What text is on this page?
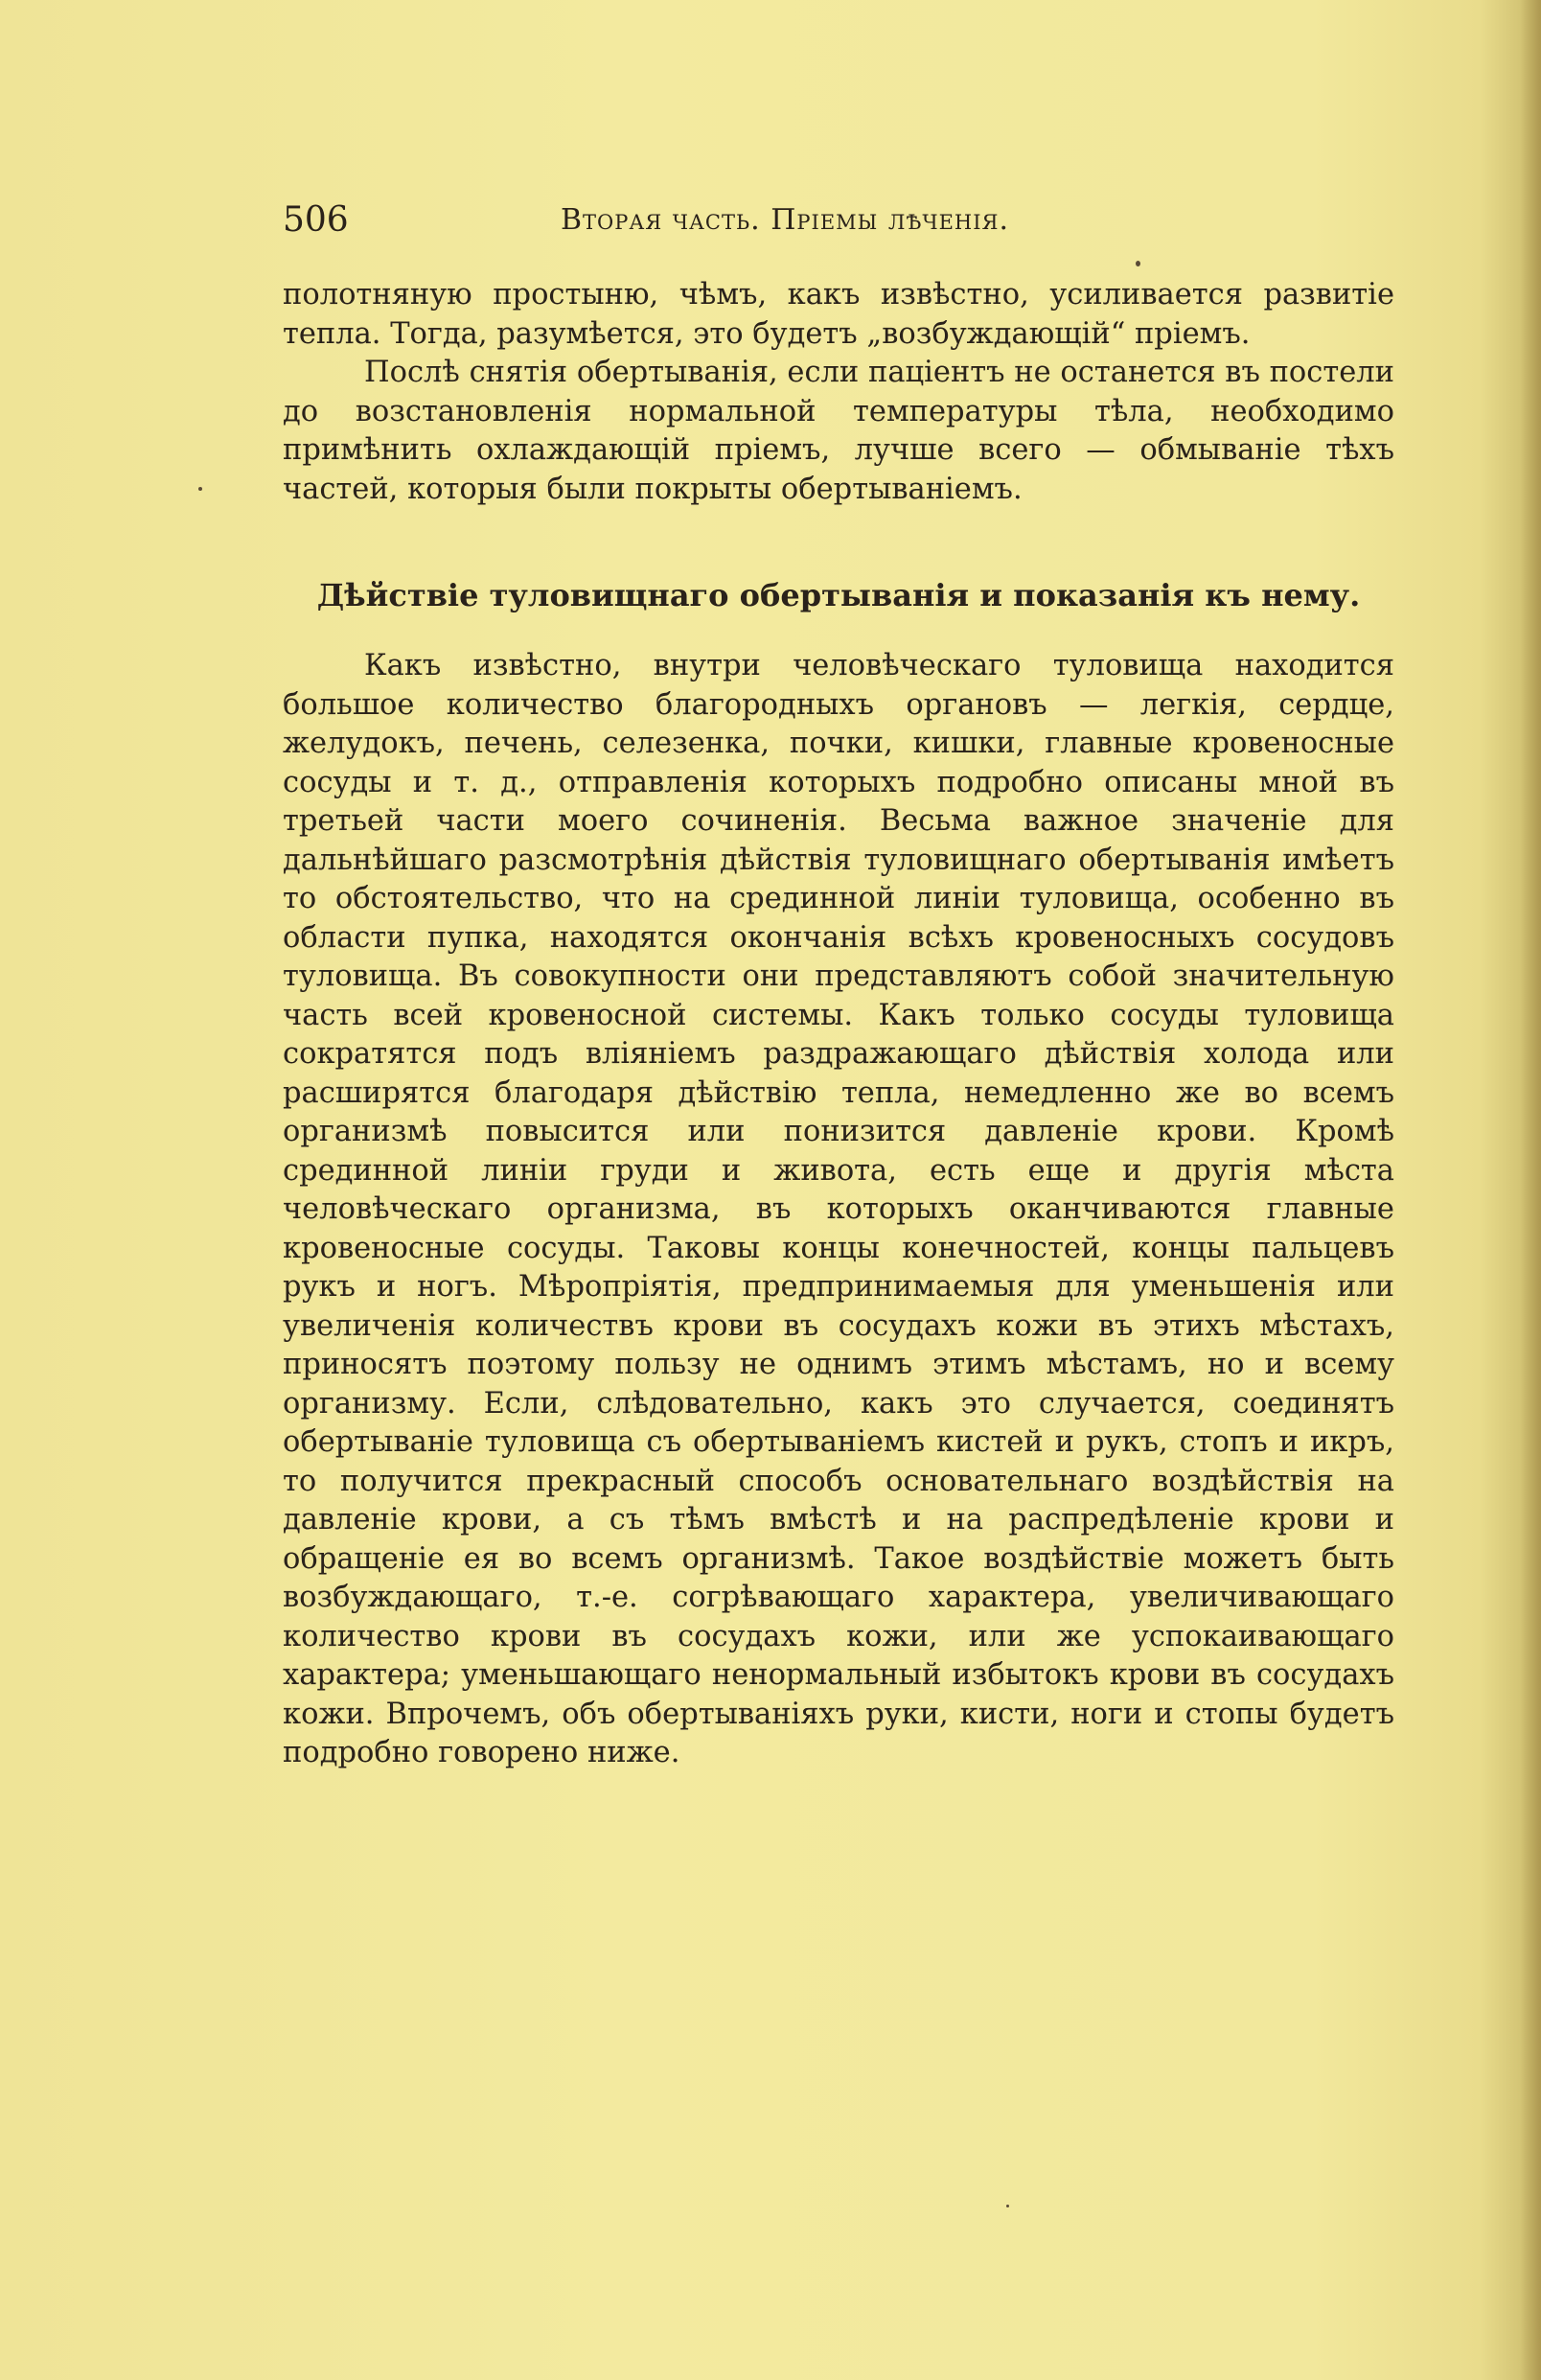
506	Вторая часть. Пріемы лѣченія.

полотняную простыню, чѣмъ, какъ извѣстно, усиливается развитіе тепла. Тогда, разумѣется, это будетъ „возбуждающій“ пріемъ.

Послѣ снятія обертыванія, если паціентъ не останется въ постели до возстановленія нормальной температуры тѣла, необходимо примѣнить охлаждающій пріемъ, лучше всего — обмываніе тѣхъ частей, которыя были покрыты обертываніемъ.

Дѣйствіе туловищнаго обертыванія и показанія къ нему.

Какъ извѣстно, внутри человѣческаго туловища находится большое количество благородныхъ органовъ — легкія, сердце, желудокъ, печень, селезенка, почки, кишки, главные кровеносные сосуды и т. д., отправленія которыхъ подробно описаны мной въ третьей части моего сочиненія. Весьма важное значеніе для дальнѣйшаго разсмотрѣнія дѣйствія туловищнаго обертыванія имѣетъ то обстоятельство, что на срединной линіи туловища, особенно въ области пупка, находятся окончанія всѣхъ кровеносныхъ сосудовъ туловища. Въ совокупности они представляютъ собой значительную часть всей кровеносной системы. Какъ только сосуды туловища сократятся подъ вліяніемъ раздражающаго дѣйствія холода или расширятся благодаря дѣйствію тепла, немедленно же во всемъ организмѣ повысится или понизится давленіе крови. Кромѣ срединной линіи груди и живота, есть еще и другія мѣста человѣческаго организма, въ которыхъ оканчиваются главные кровеносные сосуды. Таковы концы конечностей, концы пальцевъ рукъ и ногъ. Мѣропріятія, предпринимаемыя для уменьшенія или увеличенія количествъ крови въ сосудахъ кожи въ этихъ мѣстахъ, приносятъ поэтому пользу не однимъ этимъ мѣстамъ, но и всему организму. Если, слѣдовательно, какъ это случается, соединятъ обертываніе туловища съ обертываніемъ кистей и рукъ, стопъ и икръ, то получится прекрасный способъ основательнаго воздѣйствія на давленіе крови, а съ тѣмъ вмѣстѣ и на распредѣленіе крови и обращеніе ея во всемъ организмѣ. Такое воздѣйствіе можетъ быть возбуждающаго, т.-е. согрѣвающаго характера, увеличивающаго количество крови въ сосудахъ кожи, или же успокаивающаго характера; уменьшающаго ненормальный избытокъ крови въ сосудахъ кожи. Впрочемъ, объ обертываніяхъ руки, кисти, ноги и стопы будетъ подробно говорено ниже.
